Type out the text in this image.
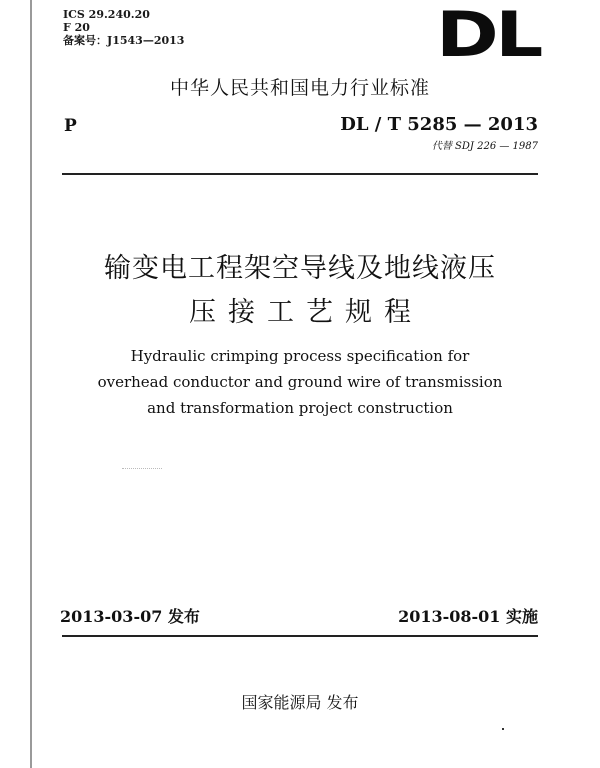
ICS 29.240.20
F 20
备案号：J1543—2013	DL
中华人民共和国电力行业标准
P	DL / T 5285 — 2013
代替 SDJ 226 — 1987
输变电工程架空导线及地线液压
压接工艺规程
Hydraulic crimping process specification for
overhead conductor and ground wire of transmission
and transformation project construction
2013-03-07 发布	2013-08-01 实施
国家能源局 发布
